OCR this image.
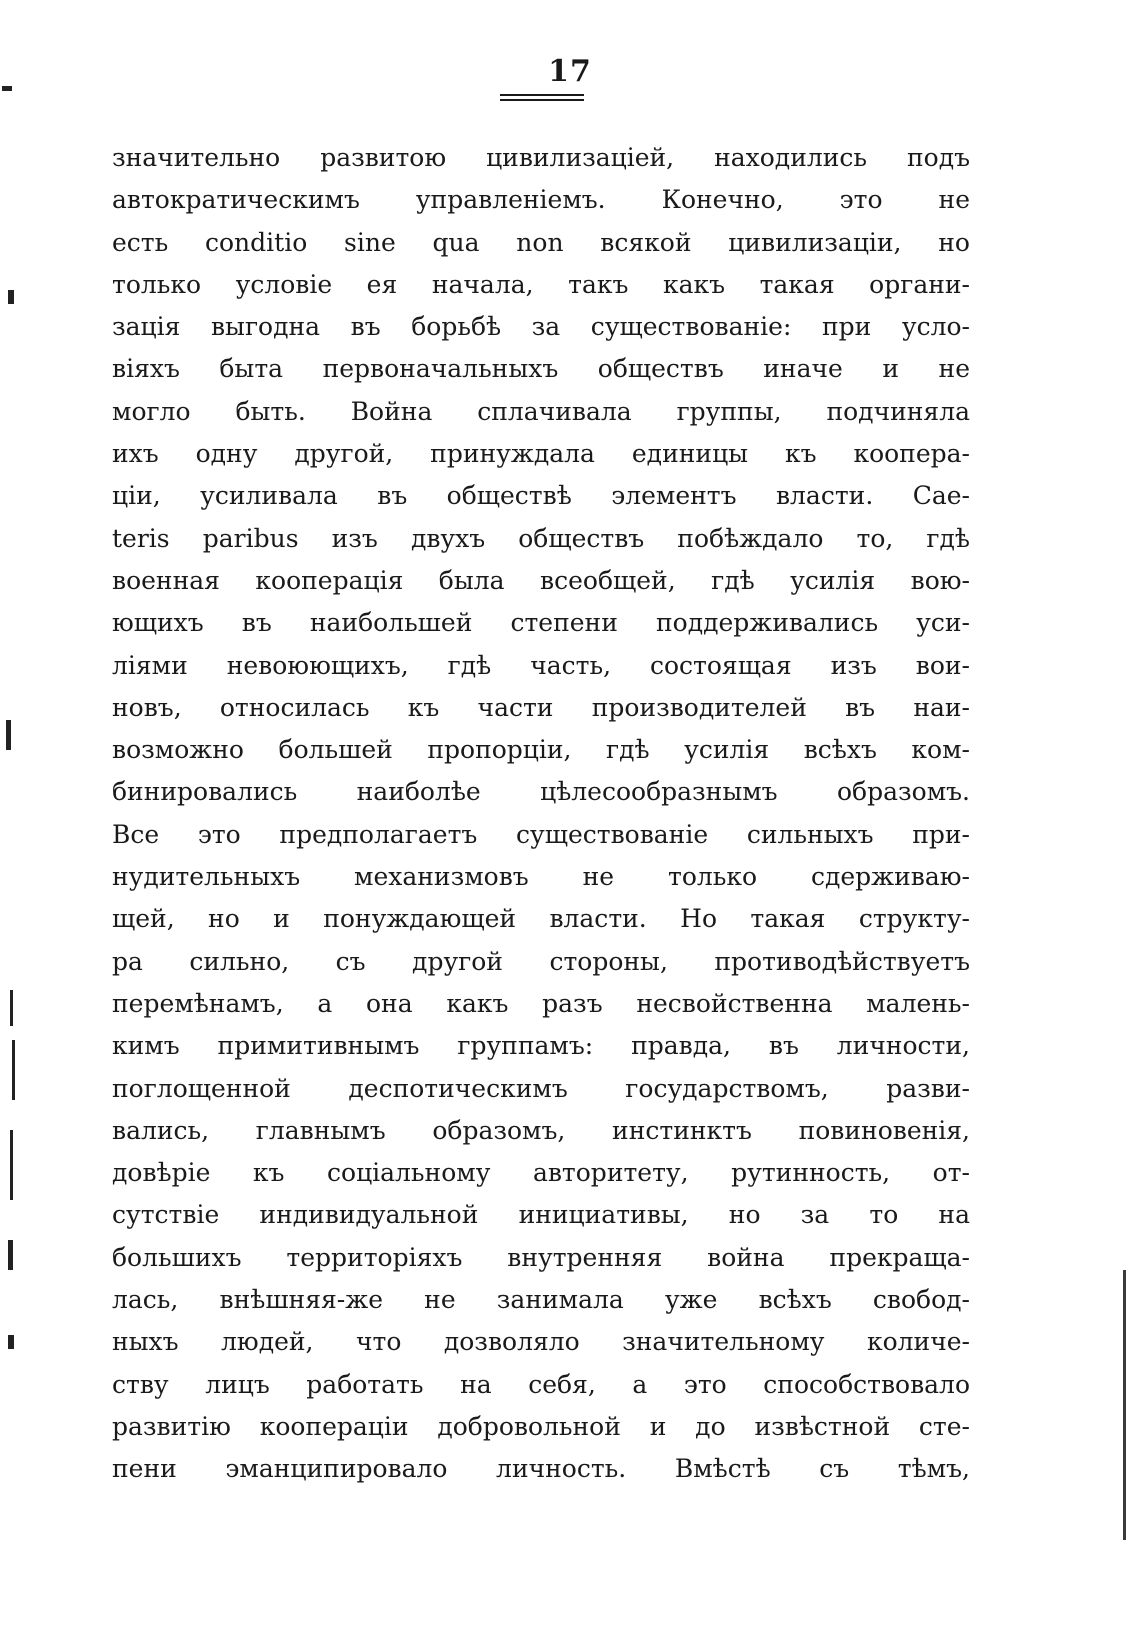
17
значительно развитою цивилизаціей, находились подъ
автократическимъ управленіемъ. Конечно, это не
есть conditio sine qua non всякой цивилизаціи, но
только условіе ея начала, такъ какъ такая органи-
зація выгодна въ борьбѣ за существованіе: при усло-
віяхъ быта первоначальныхъ обществъ иначе и не
могло быть. Война сплачивала группы, подчиняла
ихъ одну другой, принуждала единицы къ коопера-
ціи, усиливала въ обществѣ элементъ власти. Cae-
teris paribus изъ двухъ обществъ побѣждало то, гдѣ
военная кооперація была всеобщей, гдѣ усилія вою-
ющихъ въ наибольшей степени поддерживались уси-
ліями невоюющихъ, гдѣ часть, состоящая изъ вои-
новъ, относилась къ части производителей въ наи-
возможно большей пропорціи, гдѣ усилія всѣхъ ком-
бинировались наиболѣе цѣлесообразнымъ образомъ.
Все это предполагаетъ существованіе сильныхъ при-
нудительныхъ механизмовъ не только сдерживаю-
щей, но и понуждающей власти. Но такая структу-
ра сильно, съ другой стороны, противодѣйствуетъ
перемѣнамъ, а она какъ разъ несвойственна малень-
кимъ примитивнымъ группамъ: правда, въ личности,
поглощенной деспотическимъ государствомъ, разви-
вались, главнымъ образомъ, инстинктъ повиновенія,
довѣріе къ соціальному авторитету, рутинность, от-
сутствіе индивидуальной инициативы, но за то на
большихъ территоріяхъ внутренняя война прекраща-
лась, внѣшняя-же не занимала уже всѣхъ свобод-
ныхъ людей, что дозволяло значительному количе-
ству лицъ работать на себя, а это способствовало
развитію коопераціи добровольной и до извѣстной сте-
пени эманципировало личность. Вмѣстѣ съ тѣмъ,
